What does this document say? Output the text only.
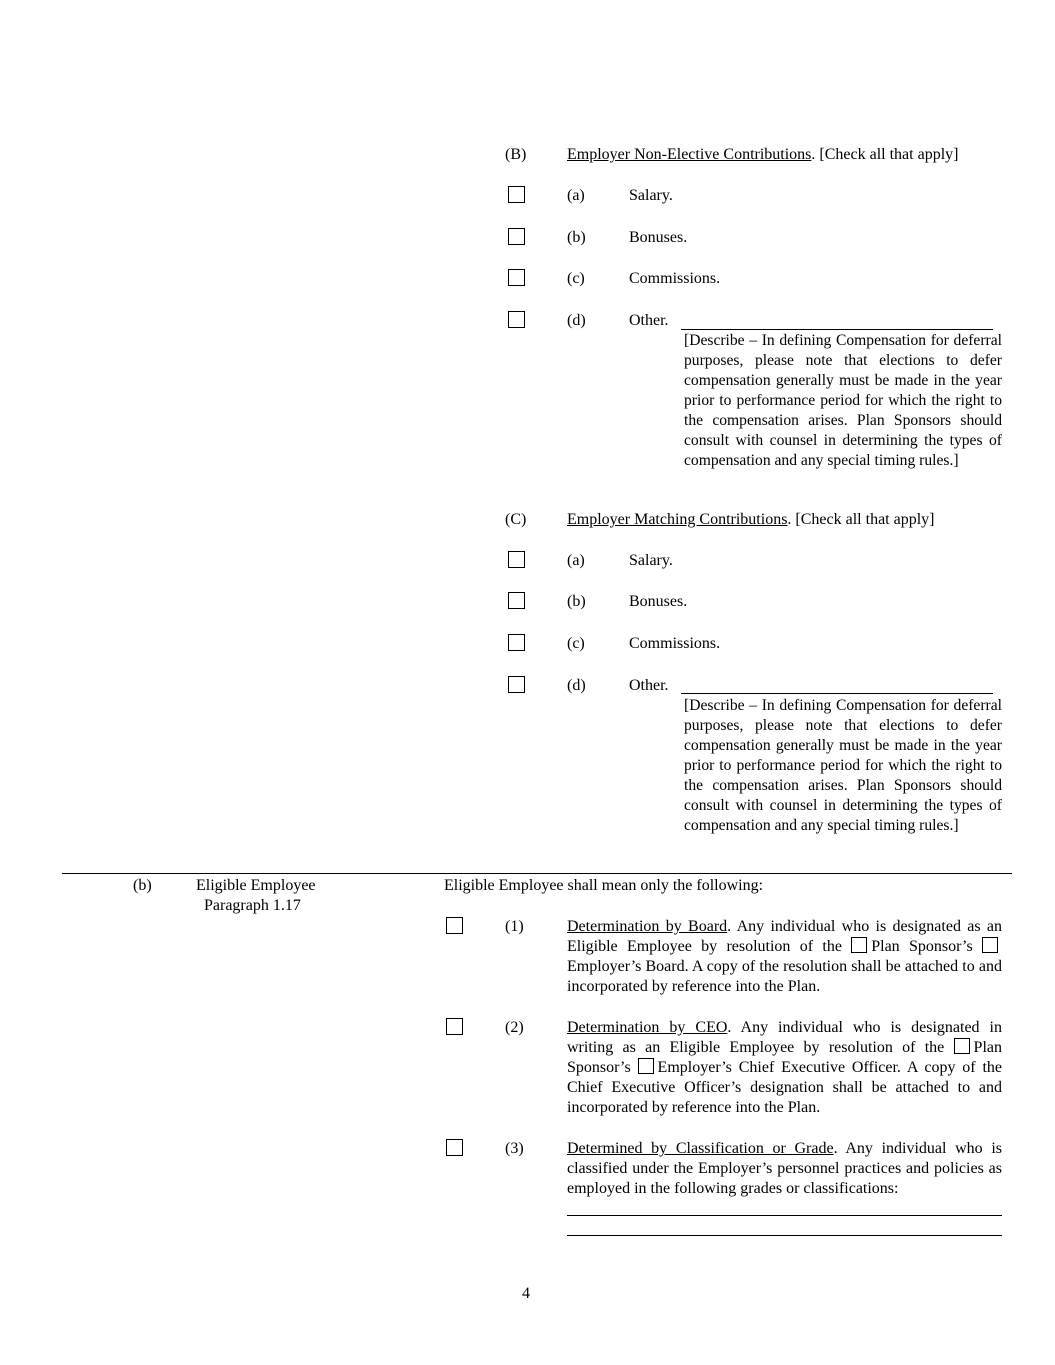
(B)	Employer Non-Elective Contributions. [Check all that apply]
(a)	Salary.
(b)	Bonuses.
(c)	Commissions.
(d)	Other.
[Describe – In defining Compensation for deferral purposes, please note that elections to defer compensation generally must be made in the year prior to performance period for which the right to the compensation arises. Plan Sponsors should consult with counsel in determining the types of compensation and any special timing rules.]
(C)	Employer Matching Contributions. [Check all that apply]
(a)	Salary.
(b)	Bonuses.
(c)	Commissions.
(d)	Other.
[Describe – In defining Compensation for deferral purposes, please note that elections to defer compensation generally must be made in the year prior to performance period for which the right to the compensation arises. Plan Sponsors should consult with counsel in determining the types of compensation and any special timing rules.]
(b)	Eligible Employee
Paragraph 1.17
Eligible Employee shall mean only the following:
(1)	Determination by Board. Any individual who is designated as an Eligible Employee by resolution of the Plan Sponsor’s Employer’s Board. A copy of the resolution shall be attached to and incorporated by reference into the Plan.
(2)	Determination by CEO. Any individual who is designated in writing as an Eligible Employee by resolution of the Plan Sponsor’s Employer’s Chief Executive Officer. A copy of the Chief Executive Officer’s designation shall be attached to and incorporated by reference into the Plan.
(3)	Determined by Classification or Grade. Any individual who is classified under the Employer’s personnel practices and policies as employed in the following grades or classifications:
4
